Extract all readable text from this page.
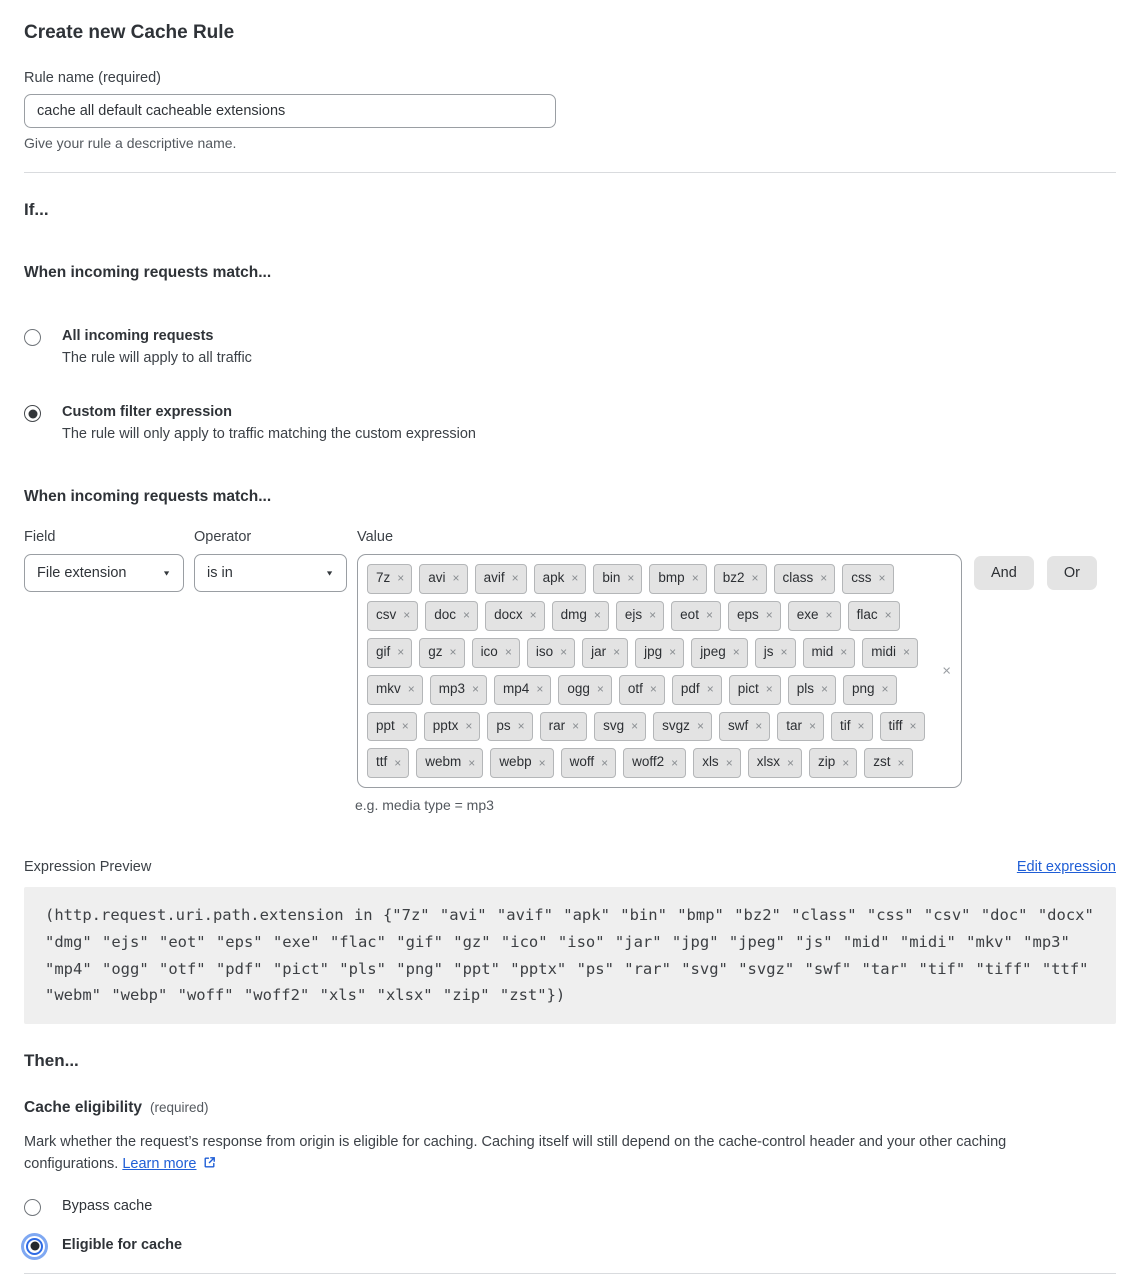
Create new Cache Rule
Rule name (required)
cache all default cacheable extensions
Give your rule a descriptive name.
If...
When incoming requests match...
All incoming requests
The rule will apply to all traffic
Custom filter expression
The rule will only apply to traffic matching the custom expression
When incoming requests match...
Field
File extension	▼
Operator
is in	▼
Value
7z × avi × avif × apk × bin × bmp × bz2 × class × css ×
csv × doc × docx × dmg × ejs × eot × eps × exe × flac ×
gif × gz × ico × iso × jar × jpg × jpeg × js × mid × midi ×
mkv × mp3 × mp4 × ogg × otf × pdf × pict × pls × png ×
ppt × pptx × ps × rar × svg × svgz × swf × tar × tif × tiff ×
ttf × webm × webp × woff × woff2 × xls × xlsx × zip × zst ×
×
And	Or
e.g. media type = mp3
Expression Preview	Edit expression
(http.request.uri.path.extension in {"7z" "avi" "avif" "apk" "bin" "bmp" "bz2" "class" "css" "csv" "doc" "docx" "dmg" "ejs" "eot" "eps" "exe" "flac" "gif" "gz" "ico" "iso" "jar" "jpg" "jpeg" "js" "mid" "midi" "mkv" "mp3" "mp4" "ogg" "otf" "pdf" "pict" "pls" "png" "ppt" "pptx" "ps" "rar" "svg" "svgz" "swf" "tar" "tif" "tiff" "ttf" "webm" "webp" "woff" "woff2" "xls" "xlsx" "zip" "zst"})
Then...
Cache eligibility (required)
Mark whether the request’s response from origin is eligible for caching. Caching itself will still depend on the cache-control header and your other caching configurations. Learn more
Bypass cache
Eligible for cache
